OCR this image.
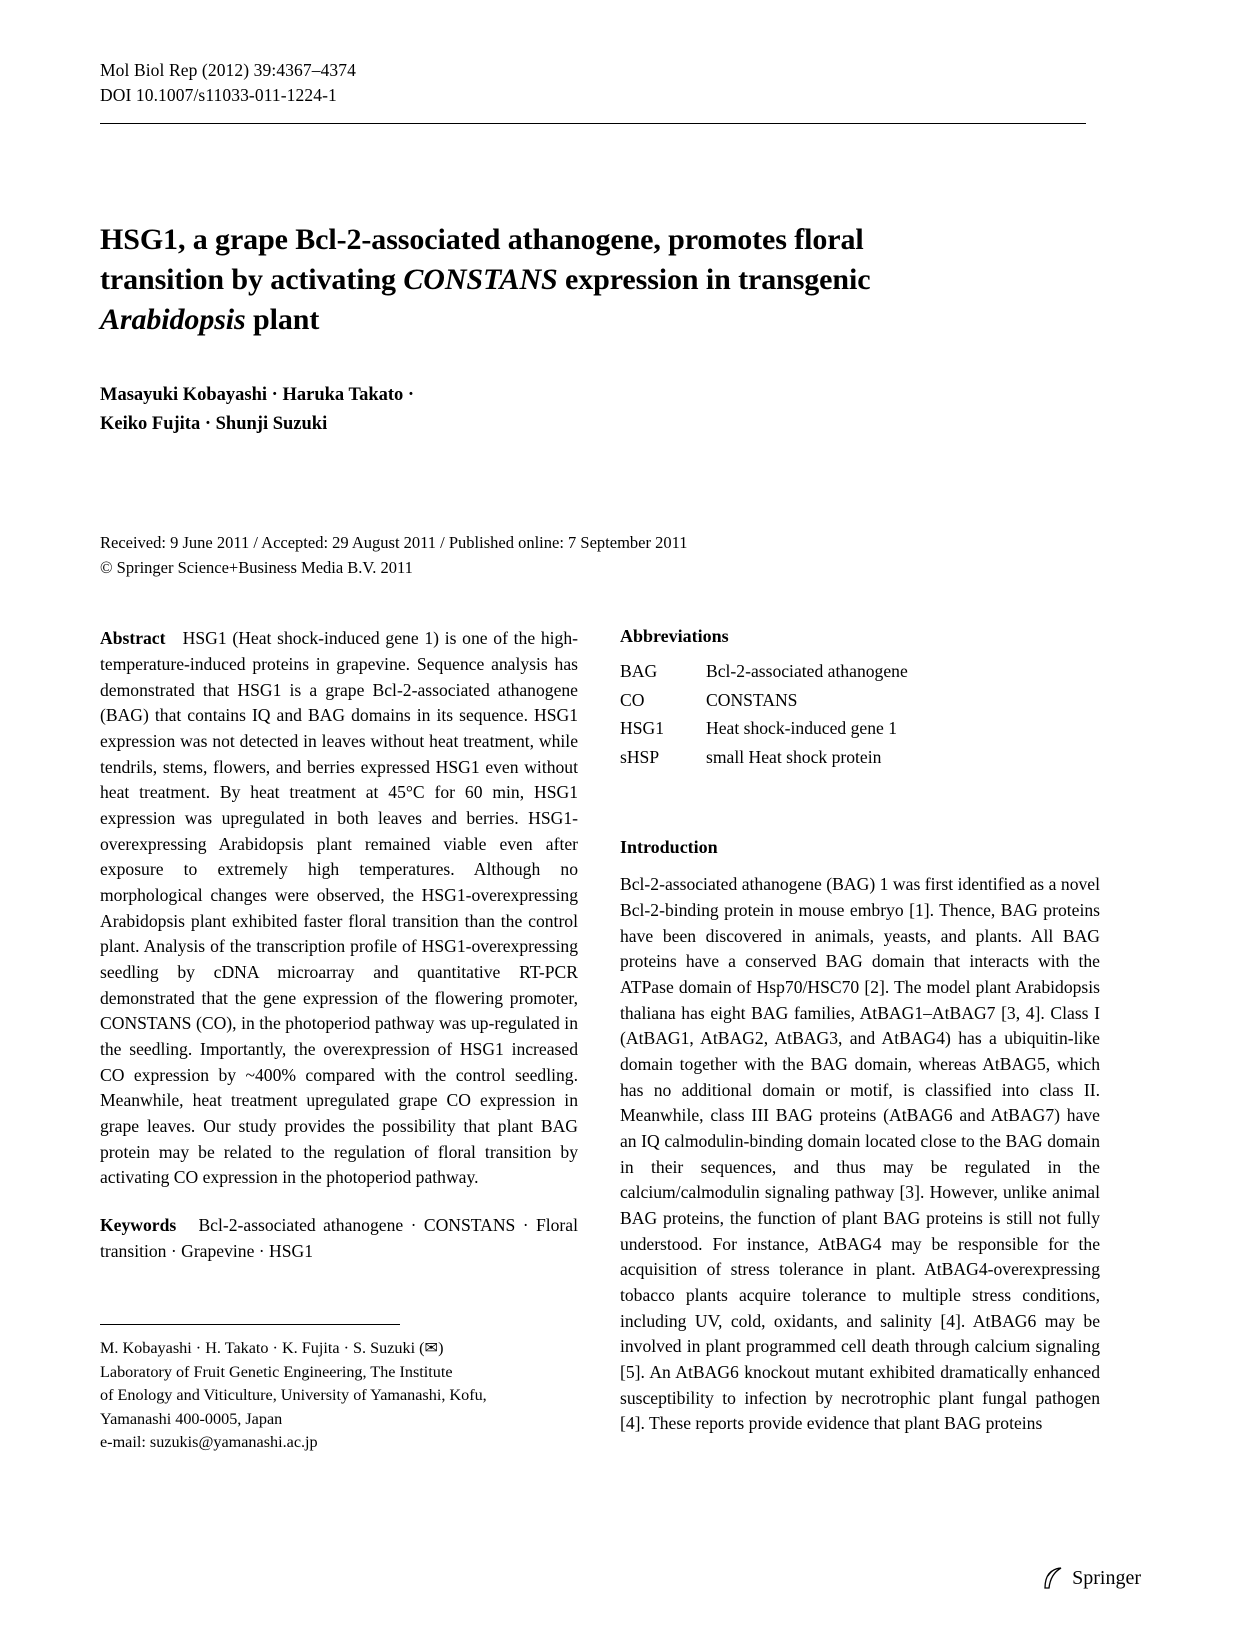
Mol Biol Rep (2012) 39:4367–4374
DOI 10.1007/s11033-011-1224-1
HSG1, a grape Bcl-2-associated athanogene, promotes floral transition by activating CONSTANS expression in transgenic Arabidopsis plant
Masayuki Kobayashi · Haruka Takato ·
Keiko Fujita · Shunji Suzuki
Received: 9 June 2011 / Accepted: 29 August 2011 / Published online: 7 September 2011
© Springer Science+Business Media B.V. 2011

Abstract HSG1 (Heat shock-induced gene 1) is one of the high-temperature-induced proteins in grapevine. Sequence analysis has demonstrated that HSG1 is a grape Bcl-2-associated athanogene (BAG) that contains IQ and BAG domains in its sequence. HSG1 expression was not detected in leaves without heat treatment, while tendrils, stems, flowers, and berries expressed HSG1 even without heat treatment. By heat treatment at 45°C for 60 min, HSG1 expression was upregulated in both leaves and berries. HSG1-overexpressing Arabidopsis plant remained viable even after exposure to extremely high temperatures. Although no morphological changes were observed, the HSG1-overexpressing Arabidopsis plant exhibited faster floral transition than the control plant. Analysis of the transcription profile of HSG1-overexpressing seedling by cDNA microarray and quantitative RT-PCR demonstrated that the gene expression of the flowering promoter, CONSTANS (CO), in the photoperiod pathway was up-regulated in the seedling. Importantly, the overexpression of HSG1 increased CO expression by ~400% compared with the control seedling. Meanwhile, heat treatment upregulated grape CO expression in grape leaves. Our study provides the possibility that plant BAG protein may be related to the regulation of floral transition by activating CO expression in the photoperiod pathway.

Keywords Bcl-2-associated athanogene · CONSTANS · Floral transition · Grapevine · HSG1

M. Kobayashi · H. Takato · K. Fujita · S. Suzuki (✉)
Laboratory of Fruit Genetic Engineering, The Institute
of Enology and Viticulture, University of Yamanashi, Kofu,
Yamanashi 400-0005, Japan
e-mail: suzukis@yamanashi.ac.jp
Abbreviations
BAG	Bcl-2-associated athanogene
CO	CONSTANS
HSG1	Heat shock-induced gene 1
sHSP	small Heat shock protein
Introduction

Bcl-2-associated athanogene (BAG) 1 was first identified as a novel Bcl-2-binding protein in mouse embryo [1]. Thence, BAG proteins have been discovered in animals, yeasts, and plants. All BAG proteins have a conserved BAG domain that interacts with the ATPase domain of Hsp70/HSC70 [2]. The model plant Arabidopsis thaliana has eight BAG families, AtBAG1–AtBAG7 [3, 4]. Class I (AtBAG1, AtBAG2, AtBAG3, and AtBAG4) has a ubiquitin-like domain together with the BAG domain, whereas AtBAG5, which has no additional domain or motif, is classified into class II. Meanwhile, class III BAG proteins (AtBAG6 and AtBAG7) have an IQ calmodulin-binding domain located close to the BAG domain in their sequences, and thus may be regulated in the calcium/calmodulin signaling pathway [3]. However, unlike animal BAG proteins, the function of plant BAG proteins is still not fully understood. For instance, AtBAG4 may be responsible for the acquisition of stress tolerance in plant. AtBAG4-overexpressing tobacco plants acquire tolerance to multiple stress conditions, including UV, cold, oxidants, and salinity [4]. AtBAG6 may be involved in plant programmed cell death through calcium signaling [5]. An AtBAG6 knockout mutant exhibited dramatically enhanced susceptibility to infection by necrotrophic plant fungal pathogen [4]. These reports provide evidence that plant BAG proteins

Springer
